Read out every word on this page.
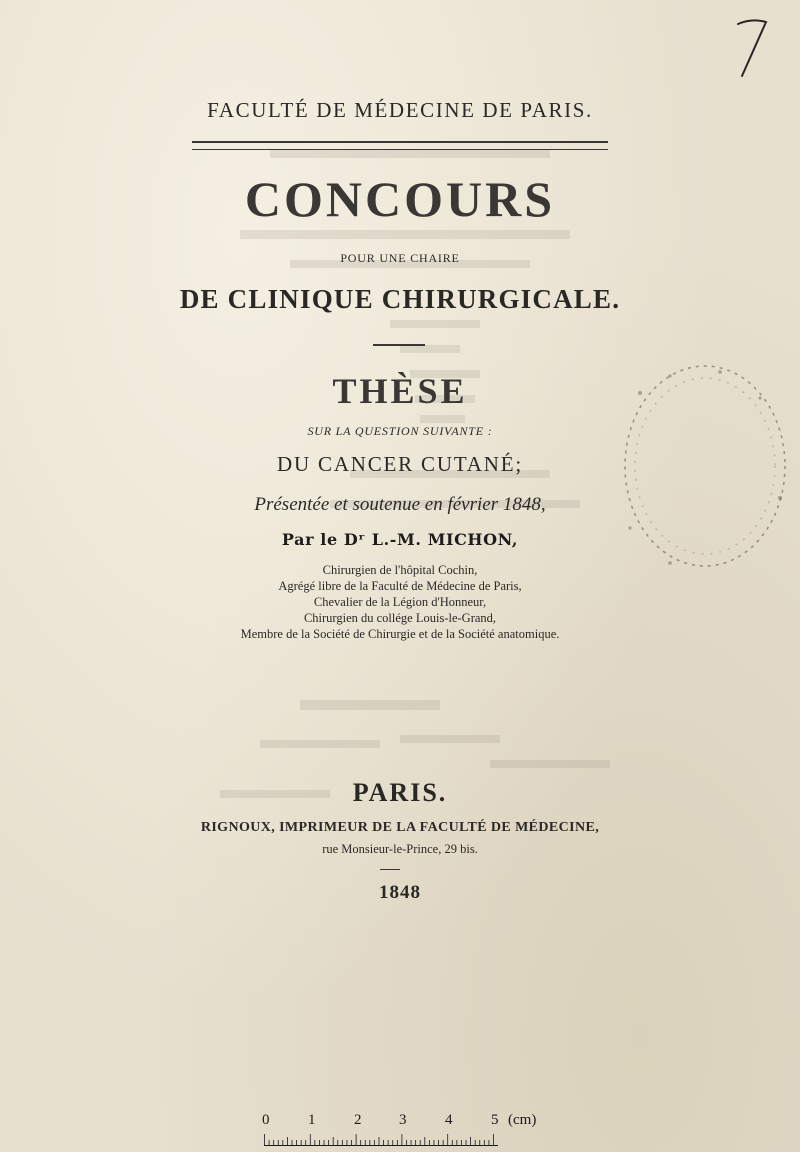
FACULTÉ DE MÉDECINE DE PARIS.
CONCOURS
POUR UNE CHAIRE
DE CLINIQUE CHIRURGICALE.
THÈSE
SUR LA QUESTION SUIVANTE :
DU CANCER CUTANÉ;
Présentée et soutenue en février 1848,
Par le Dʳ L.-M. MICHON,
Chirurgien de l'hôpital Cochin,
Agrégé libre de la Faculté de Médecine de Paris,
Chevalier de la Légion d'Honneur,
Chirurgien du collége Louis-le-Grand,
Membre de la Société de Chirurgie et de la Société anatomique.
PARIS.
RIGNOUX, IMPRIMEUR DE LA FACULTÉ DE MÉDECINE,
rue Monsieur-le-Prince, 29 bis.
1848
0	1	2	3	4	5 (cm)
